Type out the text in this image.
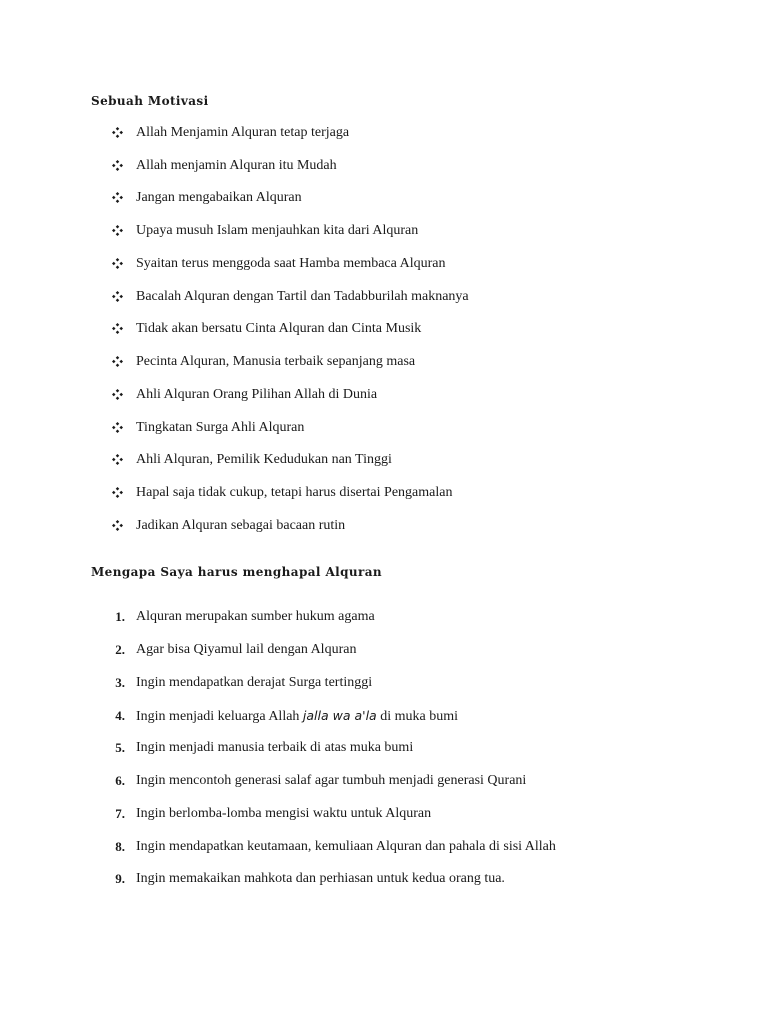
Sebuah Motivasi
Allah Menjamin Alquran tetap terjaga
Allah menjamin Alquran itu Mudah
Jangan mengabaikan Alquran
Upaya musuh Islam menjauhkan kita dari Alquran
Syaitan terus menggoda saat Hamba membaca Alquran
Bacalah Alquran dengan Tartil dan Tadabburilah maknanya
Tidak akan bersatu Cinta Alquran dan Cinta Musik
Pecinta Alquran, Manusia terbaik sepanjang masa
Ahli Alquran Orang Pilihan Allah di Dunia
Tingkatan Surga Ahli Alquran
Ahli Alquran, Pemilik Kedudukan nan Tinggi
Hapal saja tidak cukup, tetapi harus disertai Pengamalan
Jadikan Alquran sebagai bacaan rutin
Mengapa Saya harus menghapal Alquran
1. Alquran merupakan sumber hukum agama
2. Agar bisa Qiyamul lail dengan Alquran
3. Ingin mendapatkan derajat Surga tertinggi
4. Ingin menjadi keluarga Allah jalla wa a'la di muka bumi
5. Ingin menjadi manusia terbaik di atas muka bumi
6. Ingin mencontoh generasi salaf agar tumbuh menjadi generasi Qurani
7. Ingin berlomba-lomba mengisi waktu untuk Alquran
8. Ingin mendapatkan keutamaan, kemuliaan Alquran dan pahala di sisi Allah
9. Ingin memakaikan mahkota dan perhiasan untuk kedua orang tua.
